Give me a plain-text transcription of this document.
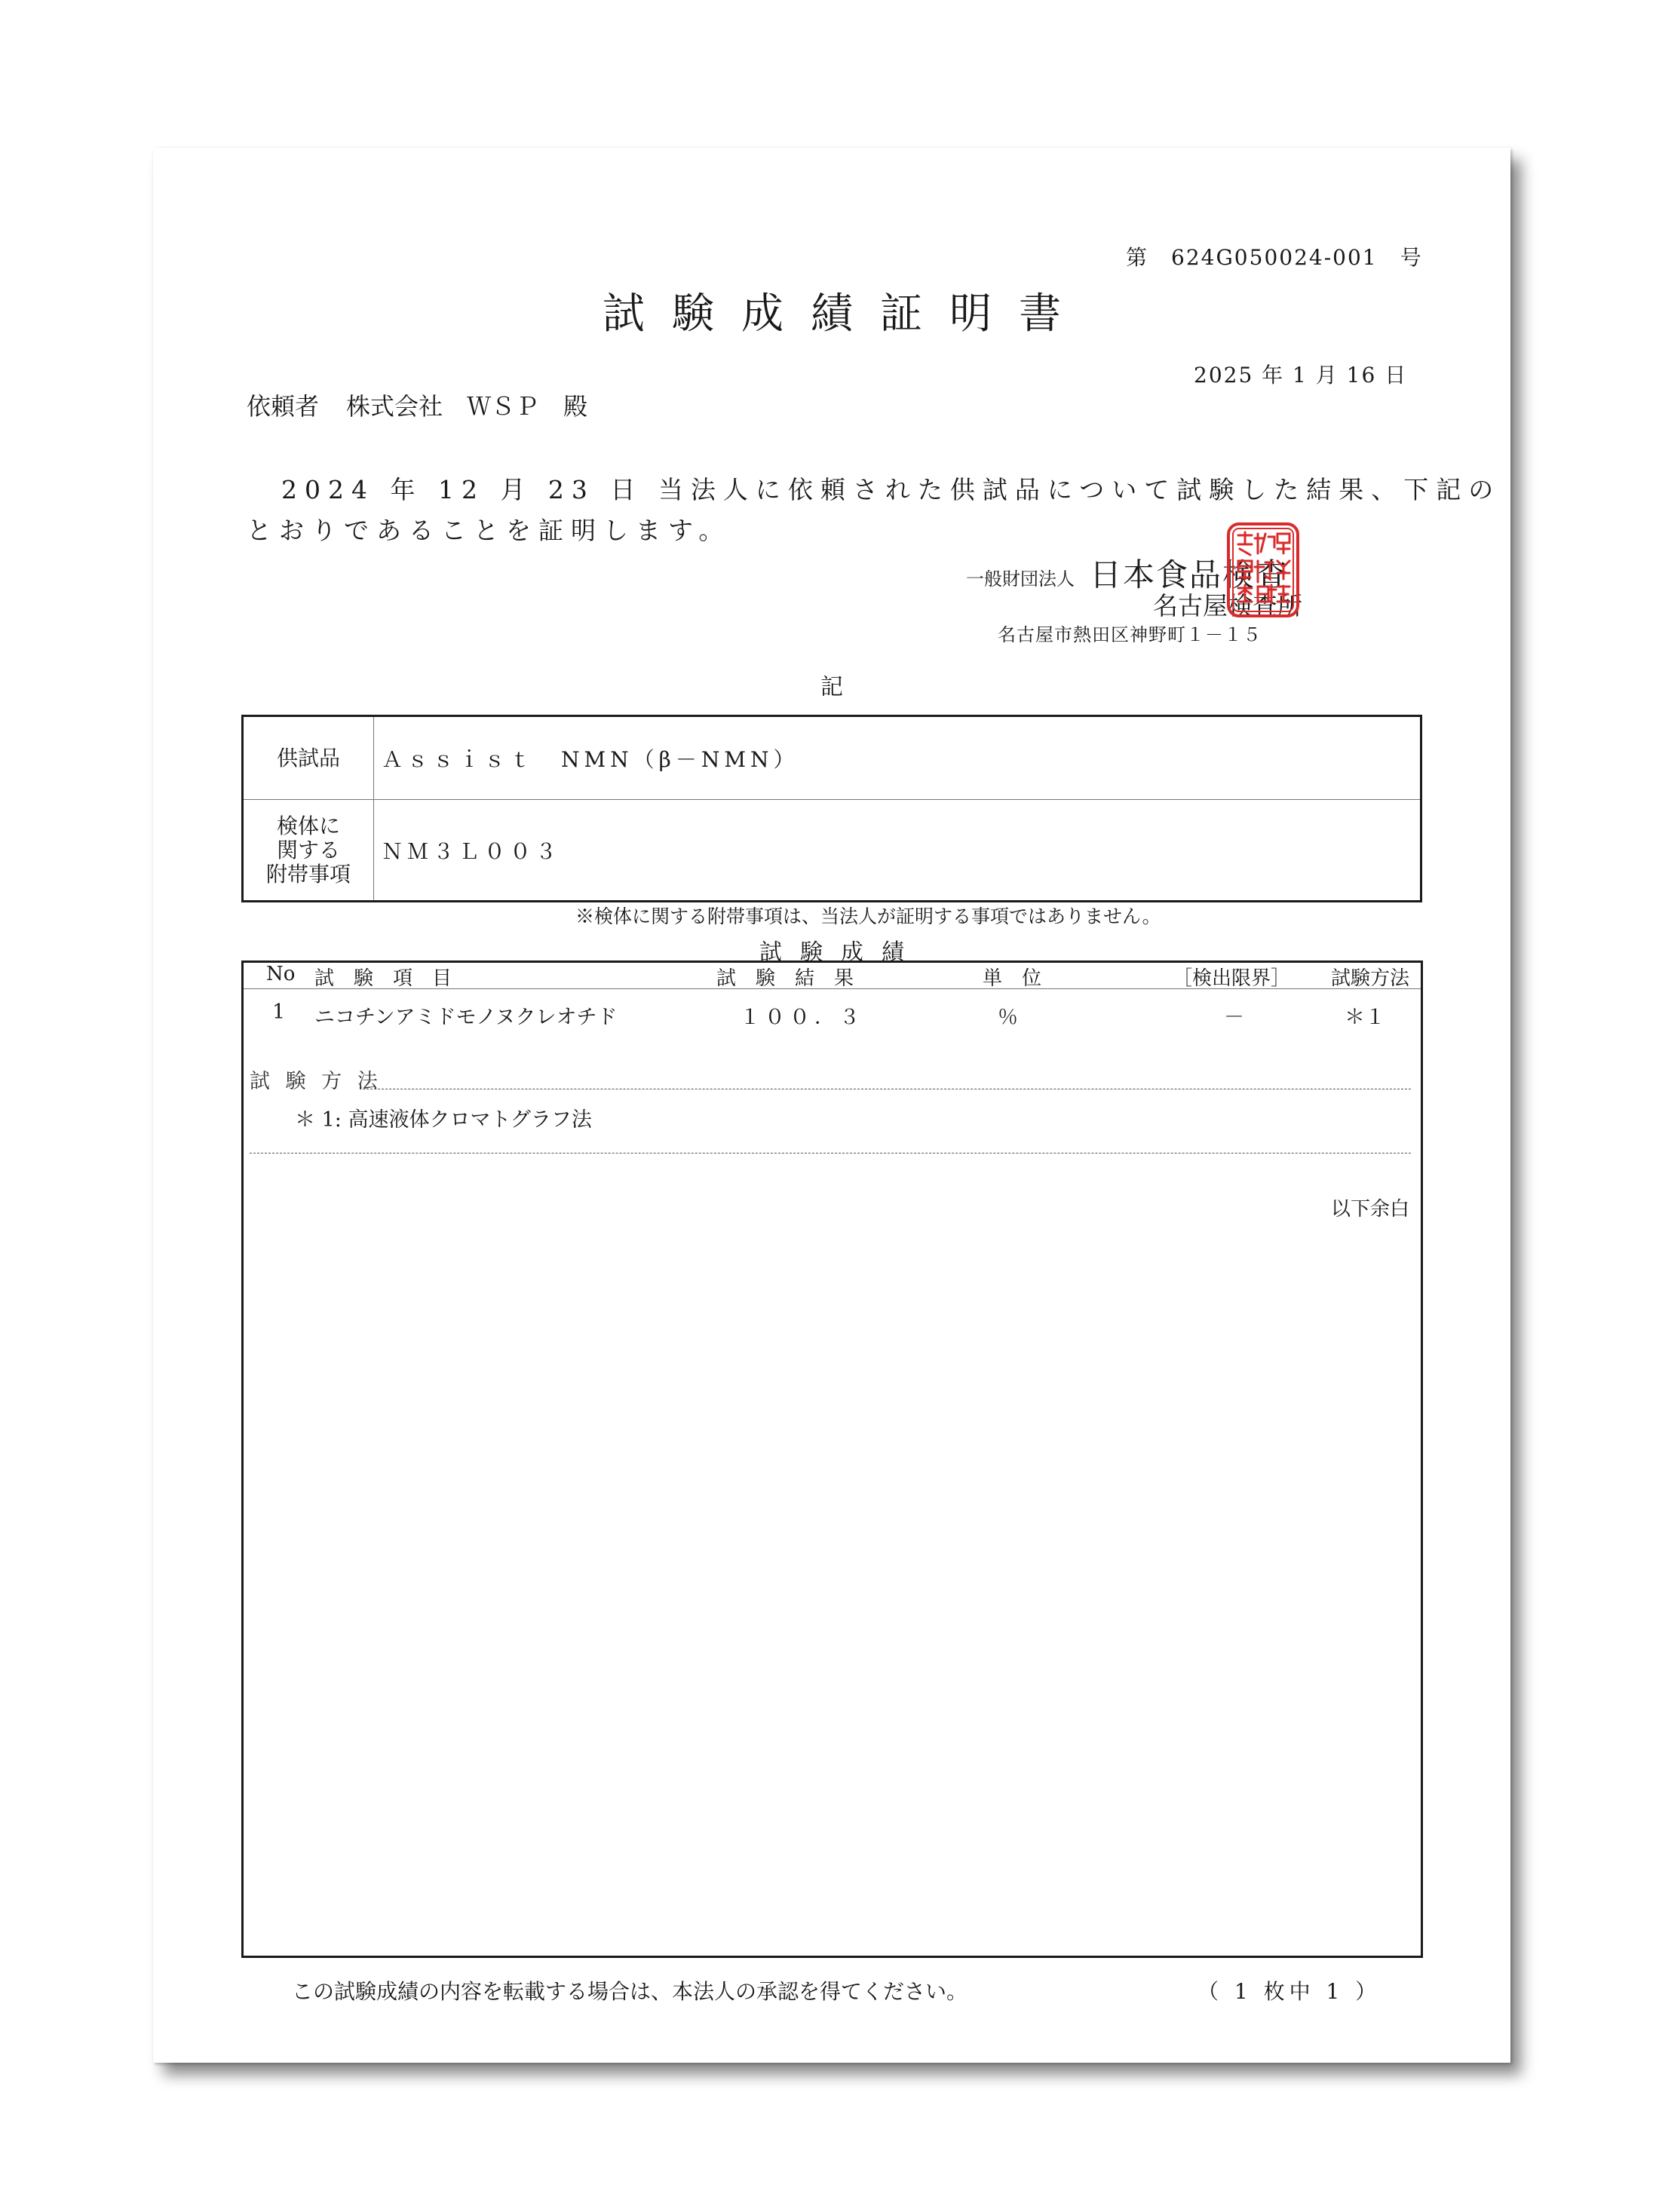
第　624G050024-001　号
試験成績証明書
2025 年 1 月 16 日
依頼者 株式会社　ＷＳＰ　殿
2024 年 12 月 23 日 当法人に依頼された供試品について試験した結果、下記の
とおりであることを証明します。
一般財団法人 日本食品検査
名古屋検査所
名古屋市熱田区神野町１－１５
記
供試品	Ａｓｓｉｓｔ　NMN（β－NMN）

検体に
関する
附帯事項	ＮＭ３Ｌ００３
※検体に関する附帯事項は、当法人が証明する事項ではありません。
試験成績
No 試　験　項　目	試　験　結　果	単　位	［検出限界］ 試験方法
1 ニコチンアミドモノヌクレオチド	１００．３	％	－	＊１
試 験 方 法
＊ 1: 高速液体クロマトグラフ法
以下余白
この試験成績の内容を転載する場合は、本法人の承認を得てください。	（ 1 枚中 1 ）
